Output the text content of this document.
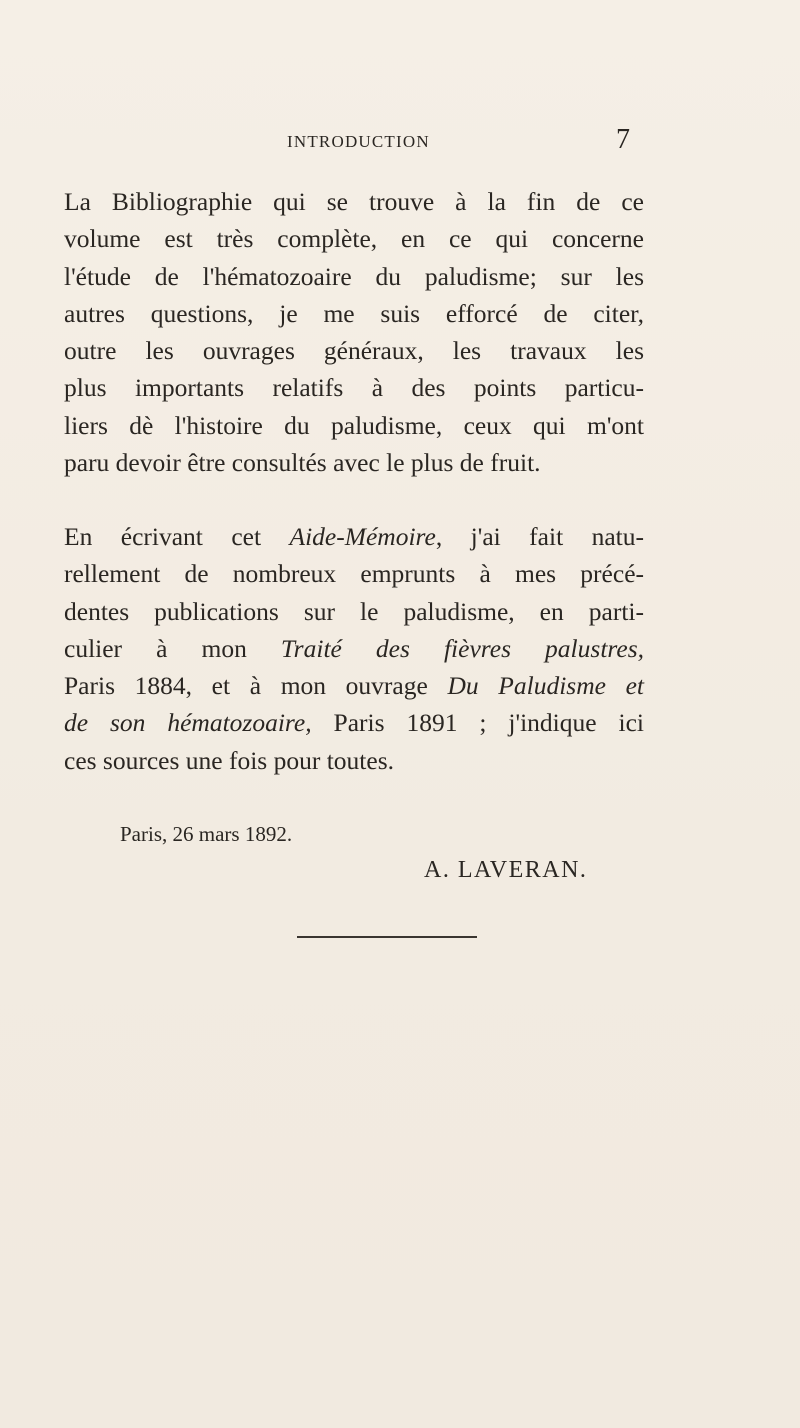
INTRODUCTION	7
La Bibliographie qui se trouve à la fin de ce
volume est très complète, en ce qui concerne
l'étude de l'hématozoaire du paludisme; sur les
autres questions, je me suis efforcé de citer,
outre les ouvrages généraux, les travaux les
plus importants relatifs à des points particu-
liers dè l'histoire du paludisme, ceux qui m'ont
paru devoir être consultés avec le plus de fruit.
En écrivant cet Aide-Mémoire, j'ai fait natu-
rellement de nombreux emprunts à mes précé-
dentes publications sur le paludisme, en parti-
culier à mon Traité des fièvres palustres,
Paris 1884, et à mon ouvrage Du Paludisme et
de son hématozoaire, Paris 1891 ; j'indique ici
ces sources une fois pour toutes.
Paris, 26 mars 1892.
A. LAVERAN.
